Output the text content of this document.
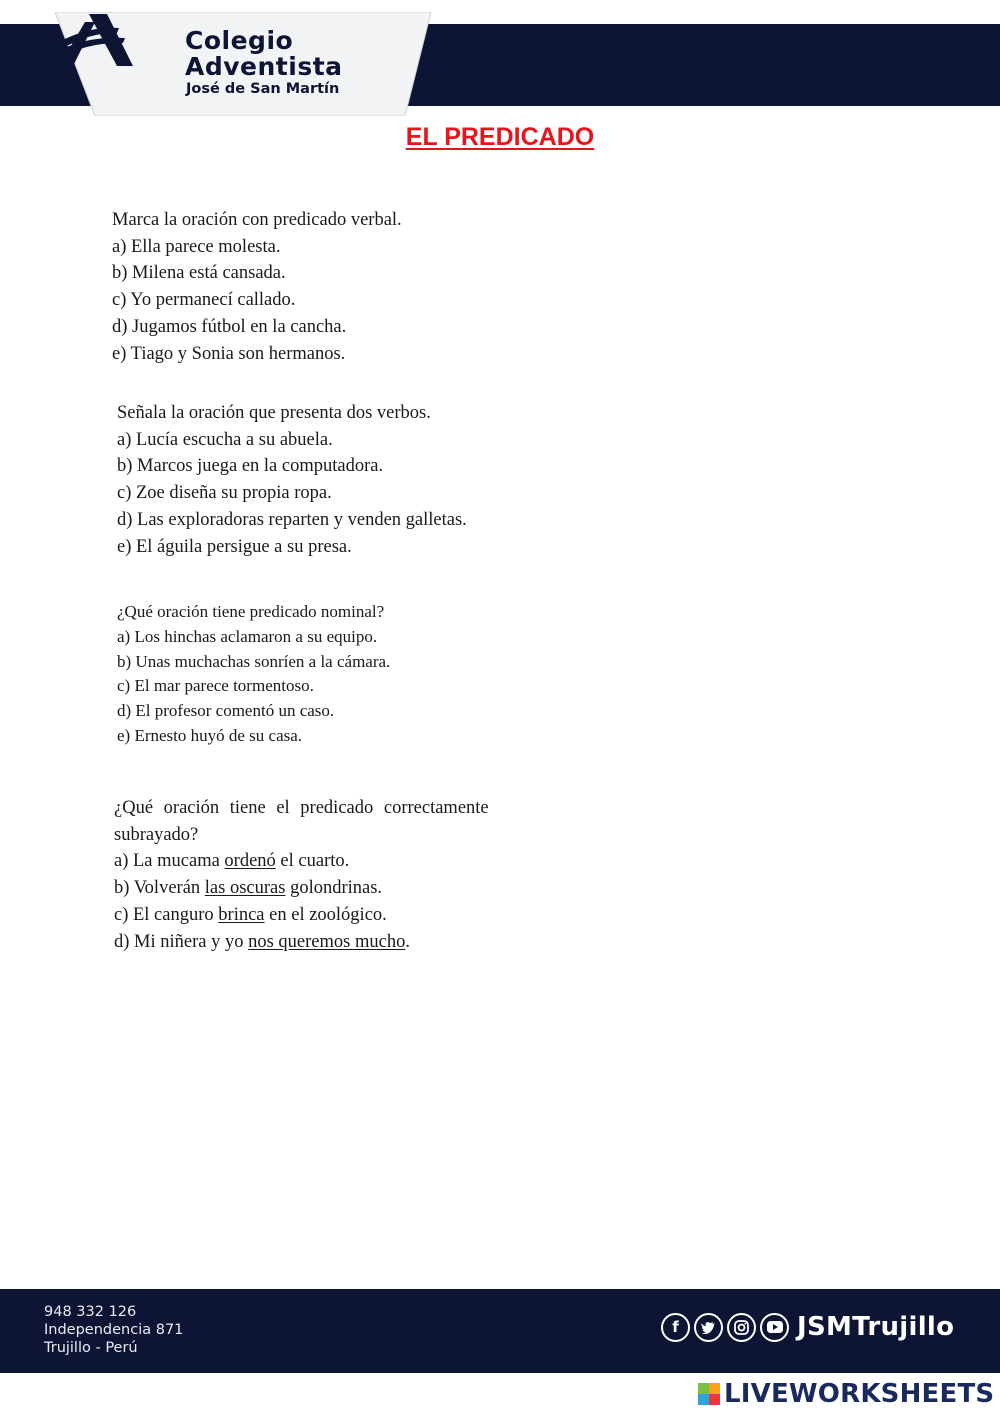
Colegio
Adventista
José de San Martín
EL PREDICADO
Marca la oración con predicado verbal.
a) Ella parece molesta.
b) Milena está cansada.
c) Yo permanecí callado.
d) Jugamos fútbol en la cancha.
e) Tiago y Sonia son hermanos.
Señala la oración que presenta dos verbos.
a) Lucía escucha a su abuela.
b) Marcos juega en la computadora.
c) Zoe diseña su propia ropa.
d) Las exploradoras reparten y venden galletas.
e) El águila persigue a su presa.
¿Qué oración tiene predicado nominal?
a) Los hinchas aclamaron a su equipo.
b) Unas muchachas sonríen a la cámara.
c) El mar parece tormentoso.
d) El profesor comentó un caso.
e) Ernesto huyó de su casa.
¿Qué oración tiene el predicado correctamente
subrayado?
a) La mucama ordenó el cuarto.
b) Volverán las oscuras golondrinas.
c) El canguro brinca en el zoológico.
d) Mi niñera y yo nos queremos mucho.
948 332 126
Independencia 871
Trujillo - Perú
f	JSMTrujillo
LIVEWORKSHEETS
